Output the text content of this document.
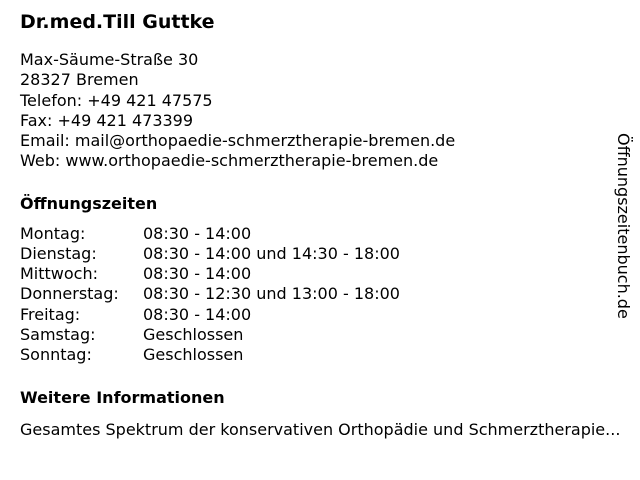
Dr.med.Till Guttke
Max-Säume-Straße 30
28327 Bremen
Telefon: +49 421 47575
Fax: +49 421 473399
Email: mail@orthopaedie-schmerztherapie-bremen.de
Web: www.orthopaedie-schmerztherapie-bremen.de
Öffnungszeiten
Montag:	08:30 - 14:00
Dienstag:	08:30 - 14:00 und 14:30 - 18:00
Mittwoch:	08:30 - 14:00
Donnerstag:	08:30 - 12:30 und 13:00 - 18:00
Freitag:	08:30 - 14:00
Samstag:	Geschlossen
Sonntag:	Geschlossen
Weitere Informationen
Gesamtes Spektrum der konservativen Orthopädie und Schmerztherapie...
Öffnungszeitenbuch.de
